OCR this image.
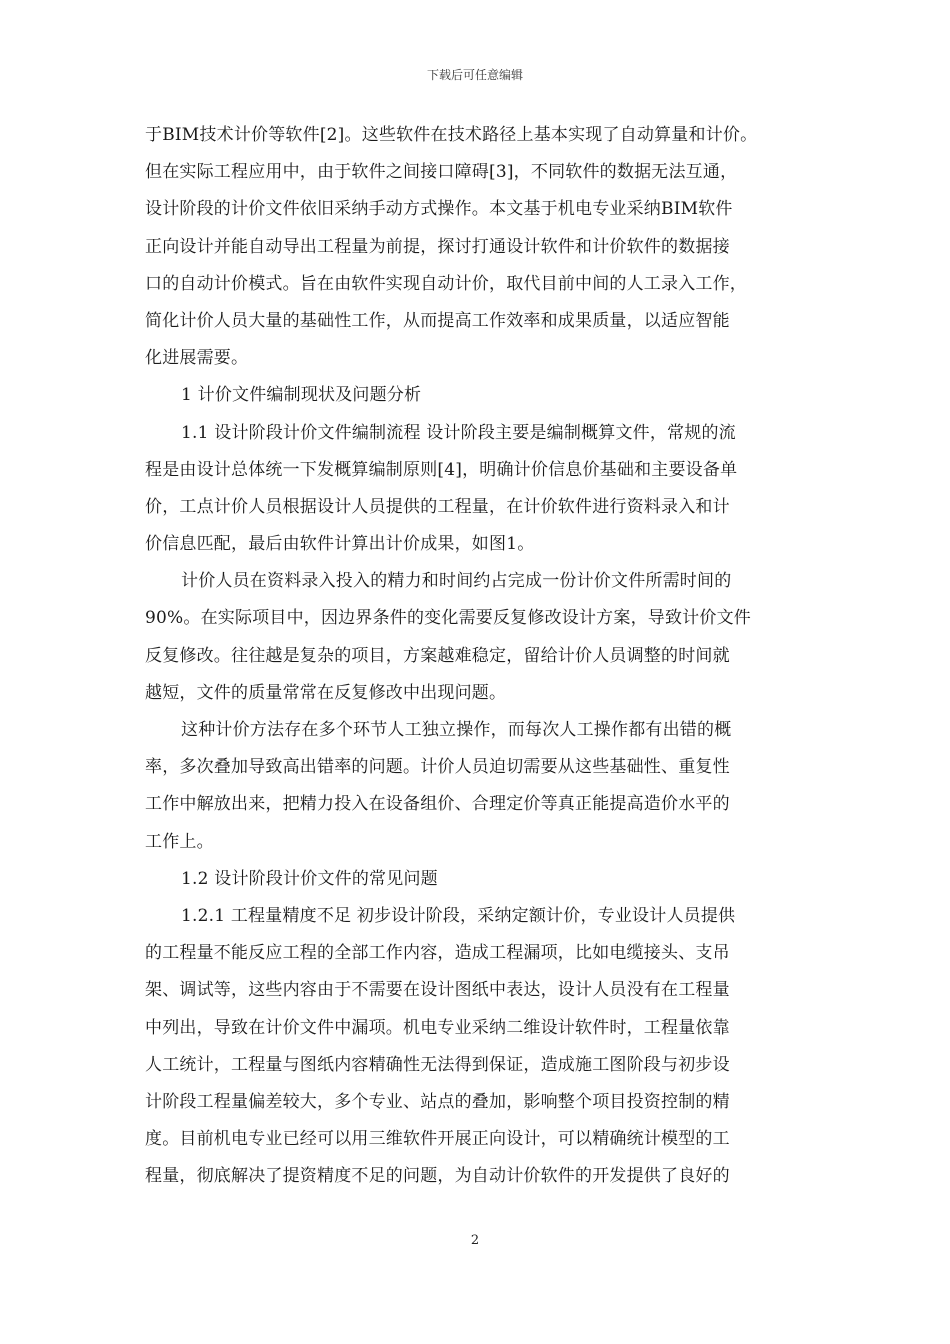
下载后可任意编辑
于BIM技术计价等软件[2]。这些软件在技术路径上基本实现了自动算量和计价。
但在实际工程应用中，由于软件之间接口障碍[3]，不同软件的数据无法互通，
设计阶段的计价文件依旧采纳手动方式操作。本文基于机电专业采纳BIM软件
正向设计并能自动导出工程量为前提，探讨打通设计软件和计价软件的数据接
口的自动计价模式。旨在由软件实现自动计价，取代目前中间的人工录入工作，
简化计价人员大量的基础性工作，从而提高工作效率和成果质量，以适应智能
化进展需要。
1 计价文件编制现状及问题分析
1.1 设计阶段计价文件编制流程 设计阶段主要是编制概算文件，常规的流
程是由设计总体统一下发概算编制原则[4]，明确计价信息价基础和主要设备单
价，工点计价人员根据设计人员提供的工程量，在计价软件进行资料录入和计
价信息匹配，最后由软件计算出计价成果，如图1。
计价人员在资料录入投入的精力和时间约占完成一份计价文件所需时间的
90%。在实际项目中，因边界条件的变化需要反复修改设计方案，导致计价文件
反复修改。往往越是复杂的项目，方案越难稳定，留给计价人员调整的时间就
越短，文件的质量常常在反复修改中出现问题。
这种计价方法存在多个环节人工独立操作，而每次人工操作都有出错的概
率，多次叠加导致高出错率的问题。计价人员迫切需要从这些基础性、重复性
工作中解放出来，把精力投入在设备组价、合理定价等真正能提高造价水平的
工作上。
1.2 设计阶段计价文件的常见问题
1.2.1 工程量精度不足 初步设计阶段，采纳定额计价，专业设计人员提供
的工程量不能反应工程的全部工作内容，造成工程漏项，比如电缆接头、支吊
架、调试等，这些内容由于不需要在设计图纸中表达，设计人员没有在工程量
中列出，导致在计价文件中漏项。机电专业采纳二维设计软件时，工程量依靠
人工统计，工程量与图纸内容精确性无法得到保证，造成施工图阶段与初步设
计阶段工程量偏差较大，多个专业、站点的叠加，影响整个项目投资控制的精
度。目前机电专业已经可以用三维软件开展正向设计，可以精确统计模型的工
程量，彻底解决了提资精度不足的问题，为自动计价软件的开发提供了良好的
2
